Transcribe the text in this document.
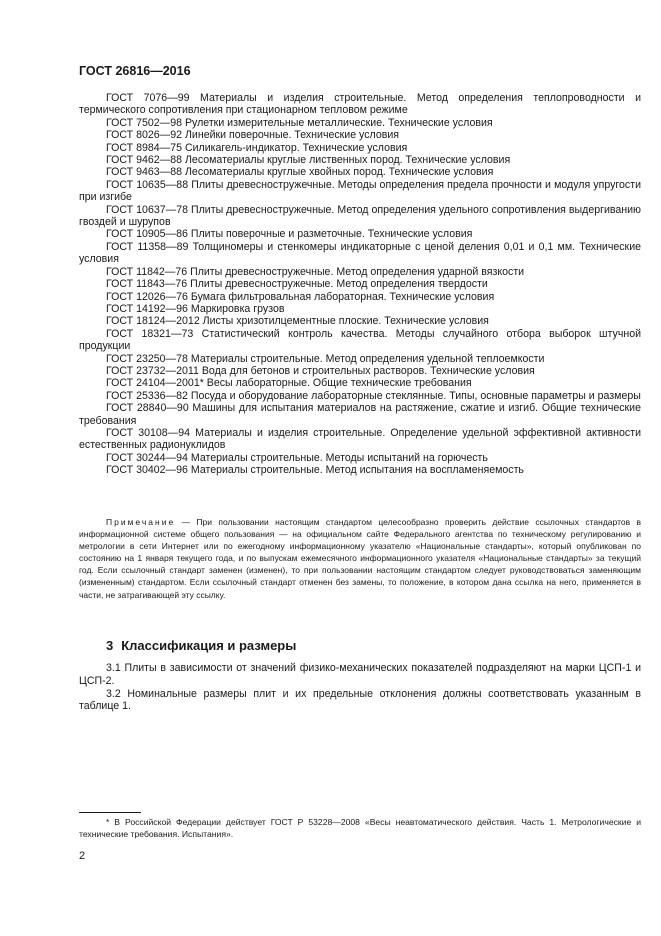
ГОСТ 26816—2016

ГОСТ 7076—99 Материалы и изделия строительные. Метод определения теплопроводности и термического сопротивления при стационарном тепловом режиме

ГОСТ 7502—98 Рулетки измерительные металлические. Технические условия

ГОСТ 8026—92 Линейки поверочные. Технические условия

ГОСТ 8984—75 Силикагель-индикатор. Технические условия

ГОСТ 9462—88 Лесоматериалы круглые лиственных пород. Технические условия

ГОСТ 9463—88 Лесоматериалы круглые хвойных пород. Технические условия

ГОСТ 10635—88 Плиты древесностружечные. Методы определения предела прочности и модуля упругости при изгибе

ГОСТ 10637—78 Плиты древесностружечные. Метод определения удельного сопротивления выдергиванию гвоздей и шурупов

ГОСТ 10905—86 Плиты поверочные и разметочные. Технические условия

ГОСТ 11358—89 Толщиномеры и стенкомеры индикаторные с ценой деления 0,01 и 0,1 мм. Технические условия

ГОСТ 11842—76 Плиты древесностружечные. Метод определения ударной вязкости

ГОСТ 11843—76 Плиты древесностружечные. Метод определения твердости

ГОСТ 12026—76 Бумага фильтровальная лабораторная. Технические условия

ГОСТ 14192—96 Маркировка грузов

ГОСТ 18124—2012 Листы хризотилцементные плоские. Технические условия

ГОСТ 18321—73 Статистический контроль качества. Методы случайного отбора выборок штучной продукции

ГОСТ 23250—78 Материалы строительные. Метод определения удельной теплоемкости

ГОСТ 23732—2011 Вода для бетонов и строительных растворов. Технические условия

ГОСТ 24104—2001* Весы лабораторные. Общие технические требования

ГОСТ 25336—82 Посуда и оборудование лабораторные стеклянные. Типы, основные параметры и размеры

ГОСТ 28840—90 Машины для испытания материалов на растяжение, сжатие и изгиб. Общие технические требования

ГОСТ 30108—94 Материалы и изделия строительные. Определение удельной эффективной активности естественных радионуклидов

ГОСТ 30244—94 Материалы строительные. Методы испытаний на горючесть

ГОСТ 30402—96 Материалы строительные. Метод испытания на воспламеняемость

Примечание — При пользовании настоящим стандартом целесообразно проверить действие ссылочных стандартов в информационной системе общего пользования — на официальном сайте Федерального агентства по техническому регулированию и метрологии в сети Интернет или по ежегодному информационному указателю «Национальные стандарты», который опубликован по состоянию на 1 января текущего года, и по выпускам ежемесячного информационного указателя «Национальные стандарты» за текущий год. Если ссылочный стандарт заменен (изменен), то при пользовании настоящим стандартом следует руководствоваться заменяющим (измененным) стандартом. Если ссылочный стандарт отменен без замены, то положение, в котором дана ссылка на него, применяется в части, не затрагивающей эту ссылку.

3 Классификация и размеры

3.1 Плиты в зависимости от значений физико-механических показателей подразделяют на марки ЦСП-1 и ЦСП-2.

3.2 Номинальные размеры плит и их предельные отклонения должны соответствовать указанным в таблице 1.

* В Российской Федерации действует ГОСТ Р 53228—2008 «Весы неавтоматического действия. Часть 1. Метрологические и технические требования. Испытания».

2
